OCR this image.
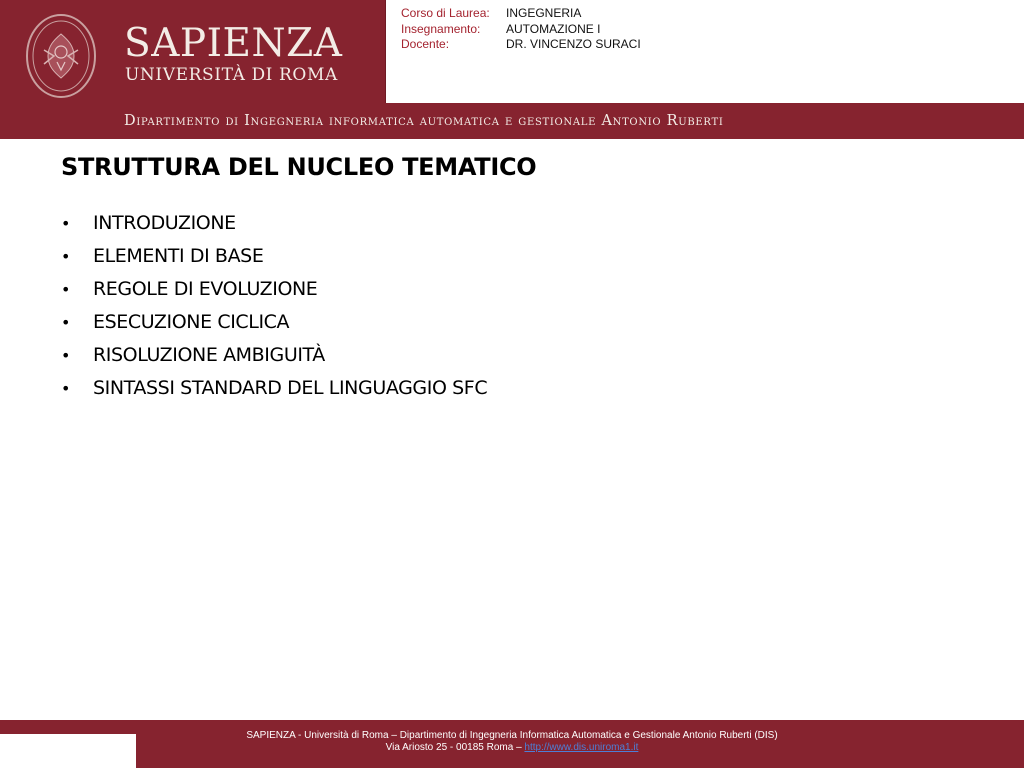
SAPIENZA
UNIVERSITÀ DI ROMA
Corso di Laurea:	INGEGNERIA
Insegnamento:	AUTOMAZIONE I
Docente:	DR. VINCENZO SURACI
Dipartimento di Ingegneria informatica automatica e gestionale Antonio Ruberti
STRUTTURA DEL NUCLEO TEMATICO
•	INTRODUZIONE
•	ELEMENTI DI BASE
•	REGOLE DI EVOLUZIONE
•	ESECUZIONE CICLICA
•	RISOLUZIONE AMBIGUITÀ
•	SINTASSI STANDARD DEL LINGUAGGIO SFC
SAPIENZA - Università di Roma – Dipartimento di Ingegneria Informatica Automatica e Gestionale Antonio Ruberti (DIS)
Via Ariosto 25 - 00185 Roma – http://www.dis.uniroma1.it
